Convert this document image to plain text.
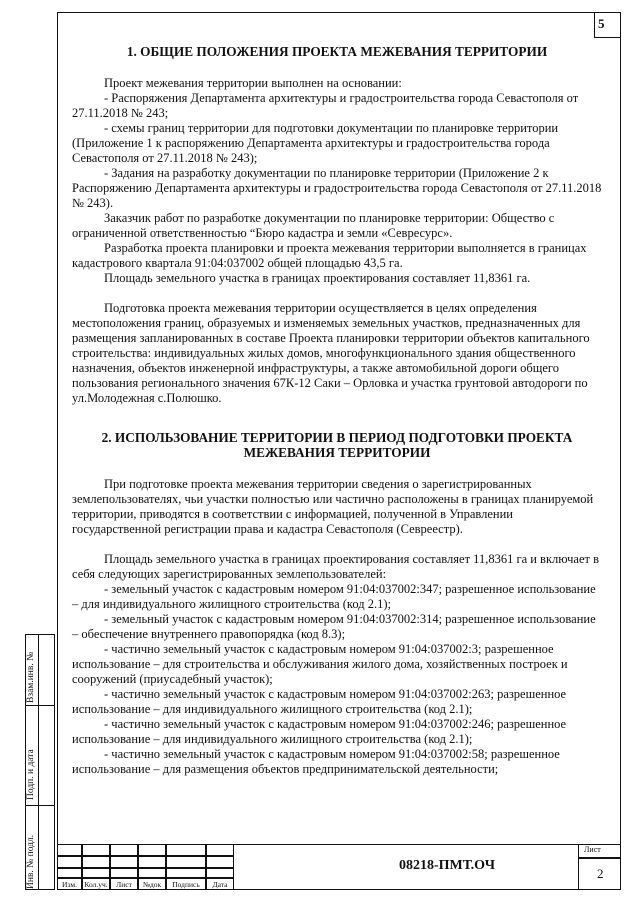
5
1. ОБЩИЕ ПОЛОЖЕНИЯ ПРОЕКТА МЕЖЕВАНИЯ ТЕРРИТОРИИ

Проект межевания территории выполнен на основании:

- Распоряжения Департамента архитектуры и градостроительства города Севастополя от 27.11.2018 № 243;

- схемы границ территории для подготовки документации по планировке территории (Приложение 1 к распоряжению Департамента архитектуры и градостроительства города Севастополя от 27.11.2018 № 243);

- Задания на разработку документации по планировке территории (Приложение 2 к Распоряжению Департамента архитектуры и градостроительства города Севастополя от 27.11.2018 № 243).

Заказчик работ по разработке документации по планировке территории: Общество с ограниченной ответственностью “Бюро кадастра и земли «Севресурс».

Разработка проекта планировки и проекта межевания территории выполняется в границах кадастрового квартала 91:04:037002 общей площадью 43,5 га.

Площадь земельного участка в границах проектирования составляет 11,8361 га.

Подготовка проекта межевания территории осуществляется в целях определения местоположения границ, образуемых и изменяемых земельных участков, предназначенных для размещения запланированных в составе Проекта планировки территории объектов капитального строительства: индивидуальных жилых домов, многофункционального здания общественного назначения, объектов инженерной инфраструктуры, а также автомобильной дороги общего пользования регионального значения 67К-12 Саки – Орловка и участка грунтовой автодороги по ул.Молодежная с.Полюшко.

2. ИСПОЛЬЗОВАНИЕ ТЕРРИТОРИИ В ПЕРИОД ПОДГОТОВКИ ПРОЕКТА МЕЖЕВАНИЯ ТЕРРИТОРИИ

При подготовке проекта межевания территории сведения о зарегистрированных землепользователях, чьи участки полностью или частично расположены в границах планируемой территории, приводятся в соответствии с информацией, полученной в Управлении государственной регистрации права и кадастра Севастополя (Севреестр).

Площадь земельного участка в границах проектирования составляет 11,8361 га и включает в себя следующих зарегистрированных землепользователей:

- земельный участок с кадастровым номером 91:04:037002:347; разрешенное использование – для индивидуального жилищного строительства (код 2.1);

- земельный участок с кадастровым номером 91:04:037002:314; разрешенное использование – обеспечение внутреннего правопорядка (код 8.3);

- частично земельный участок с кадастровым номером 91:04:037002:3; разрешенное использование – для строительства и обслуживания жилого дома, хозяйственных построек и сооружений (приусадебный участок);

- частично земельный участок с кадастровым номером 91:04:037002:263; разрешенное использование – для индивидуального жилищного строительства (код 2.1);

- частично земельный участок с кадастровым номером 91:04:037002:246; разрешенное использование – для индивидуального жилищного строительства (код 2.1);

- частично земельный участок с кадастровым номером 91:04:037002:58; разрешенное использование – для размещения объектов предпринимательской деятельности;

Взам.инв. №
Подп. и дата
Инв. № подл.	Изм. Кол.уч.	Лист	№док	Подпись	Дата
Лист
2
08218-ПМТ.ОЧ
